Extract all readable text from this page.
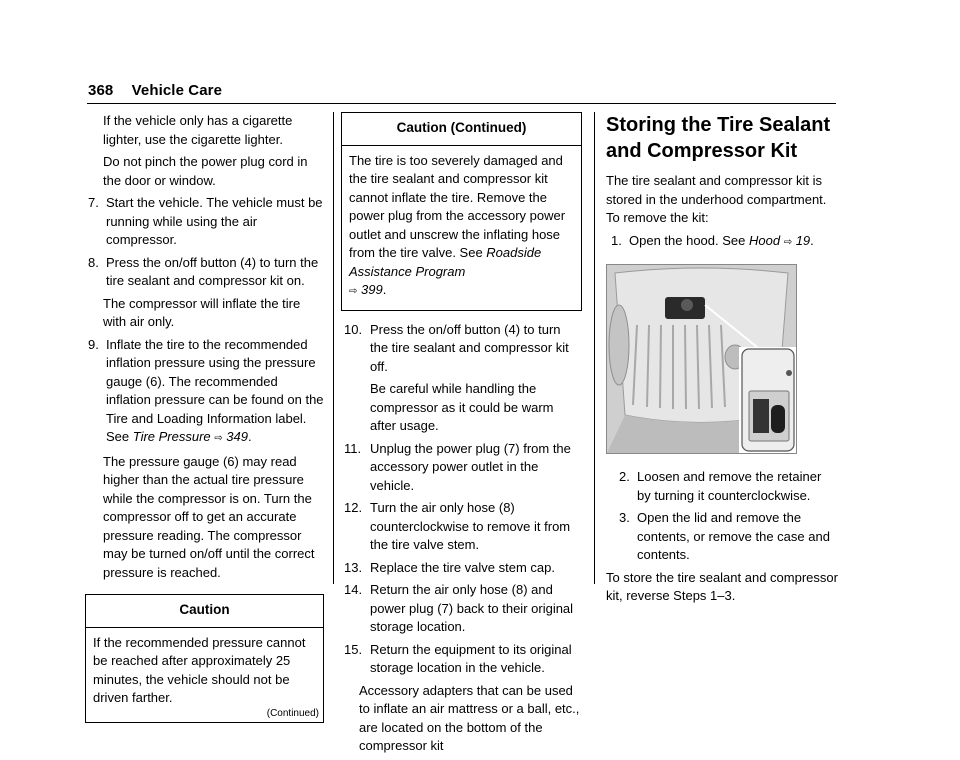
368 Vehicle Care

If the vehicle only has a cigarette lighter, use the cigarette lighter.

Do not pinch the power plug cord in the door or window.

7. Start the vehicle. The vehicle must be running while using the air compressor.
8. Press the on/off button (4) to turn the tire sealant and compressor kit on.

The compressor will inflate the tire with air only.

9. Inflate the tire to the recommended inflation pressure using the pressure gauge (6). The recommended inflation pressure can be found on the Tire and Loading Information label. See Tire Pressure ⇨ 349.

The pressure gauge (6) may read higher than the actual tire pressure while the compressor is on. Turn the compressor off to get an accurate pressure reading. The compressor may be turned on/off until the correct pressure is reached.

Caution
If the recommended pressure cannot be reached after approximately 25 minutes, the vehicle should not be driven farther.
(Continued)
Caution (Continued)
The tire is too severely damaged and the tire sealant and compressor kit cannot inflate the tire. Remove the power plug from the accessory power outlet and unscrew the inflating hose from the tire valve. See Roadside Assistance Program
⇨ 399.
10. Press the on/off button (4) to turn the tire sealant and compressor kit off.

Be careful while handling the compressor as it could be warm after usage.

11. Unplug the power plug (7) from the accessory power outlet in the vehicle.
12. Turn the air only hose (8) counterclockwise to remove it from the tire valve stem.
13. Replace the tire valve stem cap.
14. Return the air only hose (8) and power plug (7) back to their original storage location.
15. Return the equipment to its original storage location in the vehicle.

Accessory adapters that can be used to inflate an air mattress or a ball, etc., are located on the bottom of the compressor kit

Storing the Tire Sealant and Compressor Kit

The tire sealant and compressor kit is stored in the underhood compartment. To remove the kit:

1. Open the hood. See Hood ⇨ 19.
2. Loosen and remove the retainer by turning it counterclockwise.
3. Open the lid and remove the contents, or remove the case and contents.

To store the tire sealant and compressor kit, reverse Steps 1–3.
